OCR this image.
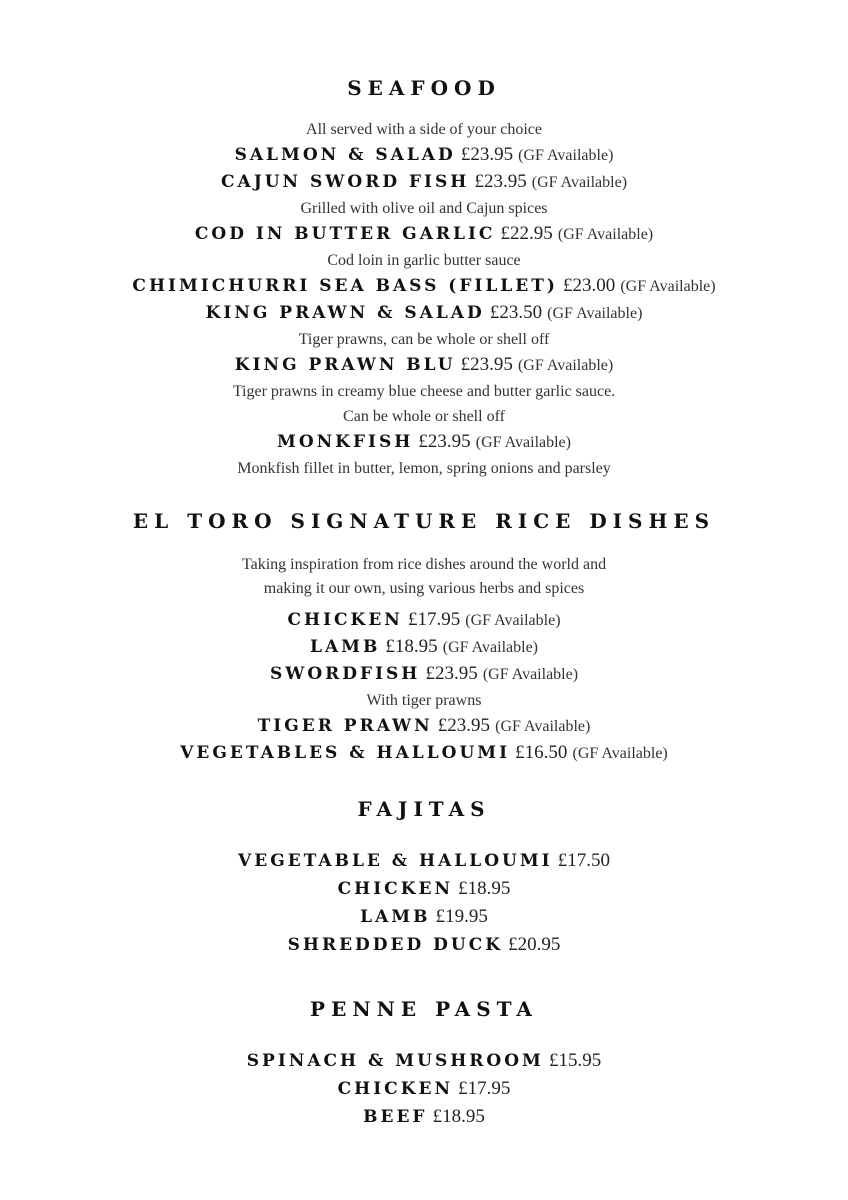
SEAFOOD
All served with a side of your choice
SALMON & SALAD £23.95 (GF Available)
CAJUN SWORD FISH £23.95 (GF Available)
Grilled with olive oil and Cajun spices
COD IN BUTTER GARLIC £22.95 (GF Available)
Cod loin in garlic butter sauce
CHIMICHURRI SEA BASS (FILLET) £23.00 (GF Available)
KING PRAWN & SALAD £23.50 (GF Available)
Tiger prawns, can be whole or shell off
KING PRAWN BLU £23.95 (GF Available)
Tiger prawns in creamy blue cheese and butter garlic sauce.
Can be whole or shell off
MONKFISH £23.95 (GF Available)
Monkfish fillet in butter, lemon, spring onions and parsley
EL TORO SIGNATURE RICE DISHES
Taking inspiration from rice dishes around the world and
making it our own, using various herbs and spices
CHICKEN £17.95 (GF Available)
LAMB £18.95 (GF Available)
SWORDFISH £23.95 (GF Available)
With tiger prawns
TIGER PRAWN £23.95 (GF Available)
VEGETABLES & HALLOUMI £16.50 (GF Available)
FAJITAS
VEGETABLE & HALLOUMI £17.50
CHICKEN £18.95
LAMB £19.95
SHREDDED DUCK £20.95
PENNE PASTA
SPINACH & MUSHROOM £15.95
CHICKEN £17.95
BEEF £18.95
